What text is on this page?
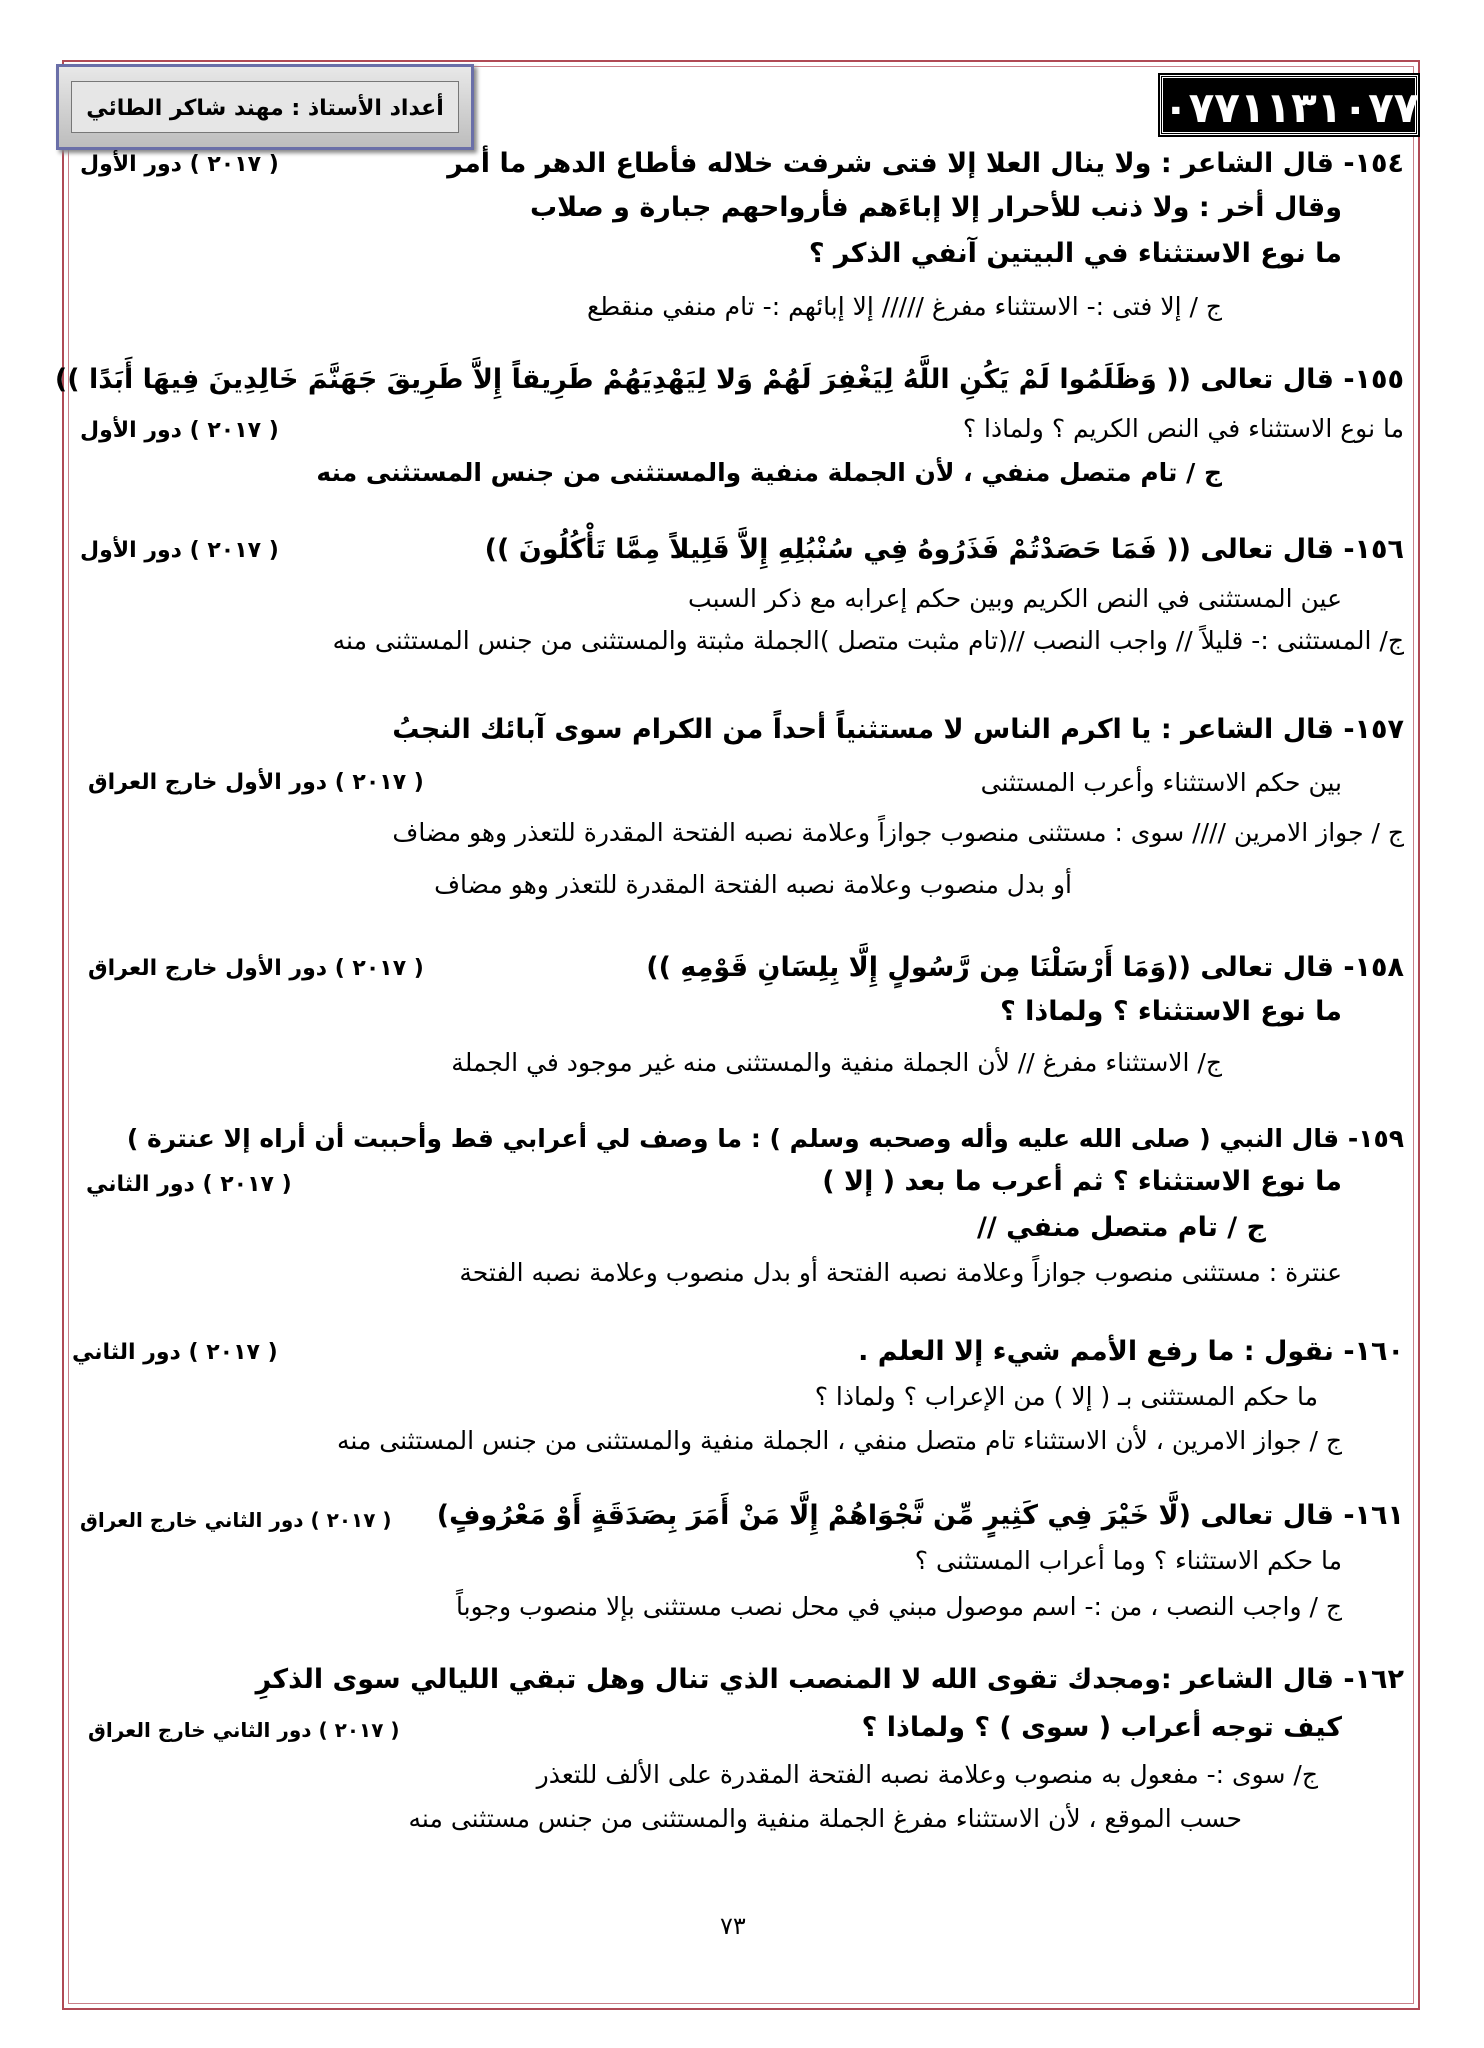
٠٧٧١١٣١٠٧٧٧
أعداد الأستاذ : مهند شاكر الطائي
١٥٤- قال الشاعر : ولا ينال العلا إلا فتى شرفت خلاله فأطاع الدهر ما أمر
( ٢٠١٧ ) دور الأول
وقال أخر : ولا ذنب للأحرار إلا إباءَهم فأرواحهم جبارة و صلاب
ما نوع الاستثناء في البيتين آنفي الذكر ؟
ج / إلا فتى :- الاستثناء مفرغ ///// إلا إبائهم :- تام منفي منقطع
١٥٥- قال تعالى (( وَظَلَمُوا لَمْ يَكُنِ اللَّهُ لِيَغْفِرَ لَهُمْ وَلا لِيَهْدِيَهُمْ طَرِيقاً إِلاَّ طَرِيقَ جَهَنَّمَ خَالِدِينَ فِيهَا أَبَدًا ))
ما نوع الاستثناء في النص الكريم ؟ ولماذا ؟
( ٢٠١٧ ) دور الأول
ج / تام متصل منفي ، لأن الجملة منفية والمستثنى من جنس المستثنى منه
١٥٦- قال تعالى (( فَمَا حَصَدْتُمْ فَذَرُوهُ فِي سُنْبُلِهِ إِلاَّ قَلِيلاً مِمَّا تَأْكُلُونَ ))
( ٢٠١٧ ) دور الأول
عين المستثنى في النص الكريم وبين حكم إعرابه مع ذكر السبب
ج/ المستثنى :- قليلاً // واجب النصب //(تام مثبت متصل )الجملة مثبتة والمستثنى من جنس المستثنى منه
١٥٧- قال الشاعر : يا اكرم الناس لا مستثنياً أحداً من الكرام سوى آبائك النجبُ
بين حكم الاستثناء وأعرب المستثنى
( ٢٠١٧ ) دور الأول خارج العراق
ج / جواز الامرين //// سوى : مستثنى منصوب جوازاً وعلامة نصبه الفتحة المقدرة للتعذر وهو مضاف
أو بدل منصوب وعلامة نصبه الفتحة المقدرة للتعذر وهو مضاف
١٥٨- قال تعالى ((وَمَا أَرْسَلْنَا مِن رَّسُولٍ إِلَّا بِلِسَانِ قَوْمِهِ ))
( ٢٠١٧ ) دور الأول خارج العراق
ما نوع الاستثناء ؟ ولماذا ؟
ج/ الاستثناء مفرغ // لأن الجملة منفية والمستثنى منه غير موجود في الجملة
١٥٩- قال النبي ( صلى الله عليه وأله وصحبه وسلم ) : ما وصف لي أعرابي قط وأحببت أن أراه إلا عنترة )
ما نوع الاستثناء ؟ ثم أعرب ما بعد ( إلا )
( ٢٠١٧ ) دور الثاني
ج / تام متصل منفي //
عنترة : مستثنى منصوب جوازاً وعلامة نصبه الفتحة أو بدل منصوب وعلامة نصبه الفتحة
١٦٠- نقول : ما رفع الأمم شيء إلا العلم .
( ٢٠١٧ ) دور الثاني
ما حكم المستثنى بـ ( إلا ) من الإعراب ؟ ولماذا ؟
ج / جواز الامرين ، لأن الاستثناء تام متصل منفي ، الجملة منفية والمستثنى من جنس المستثنى منه
١٦١- قال تعالى (لَّا خَيْرَ فِي كَثِيرٍ مِّن نَّجْوَاهُمْ إِلَّا مَنْ أَمَرَ بِصَدَقَةٍ أَوْ مَعْرُوفٍ)
( ٢٠١٧ ) دور الثاني خارج العراق
ما حكم الاستثناء ؟ وما أعراب المستثنى ؟
ج / واجب النصب ، من :- اسم موصول مبني في محل نصب مستثنى بإلا منصوب وجوباً
١٦٢- قال الشاعر :ومجدك تقوى الله لا المنصب الذي تنال وهل تبقي الليالي سوى الذكرِ
كيف توجه أعراب ( سوى ) ؟ ولماذا ؟
( ٢٠١٧ ) دور الثاني خارج العراق
ج/ سوى :- مفعول به منصوب وعلامة نصبه الفتحة المقدرة على الألف للتعذر
حسب الموقع ، لأن الاستثناء مفرغ الجملة منفية والمستثنى من جنس مستثنى منه
٧٣
